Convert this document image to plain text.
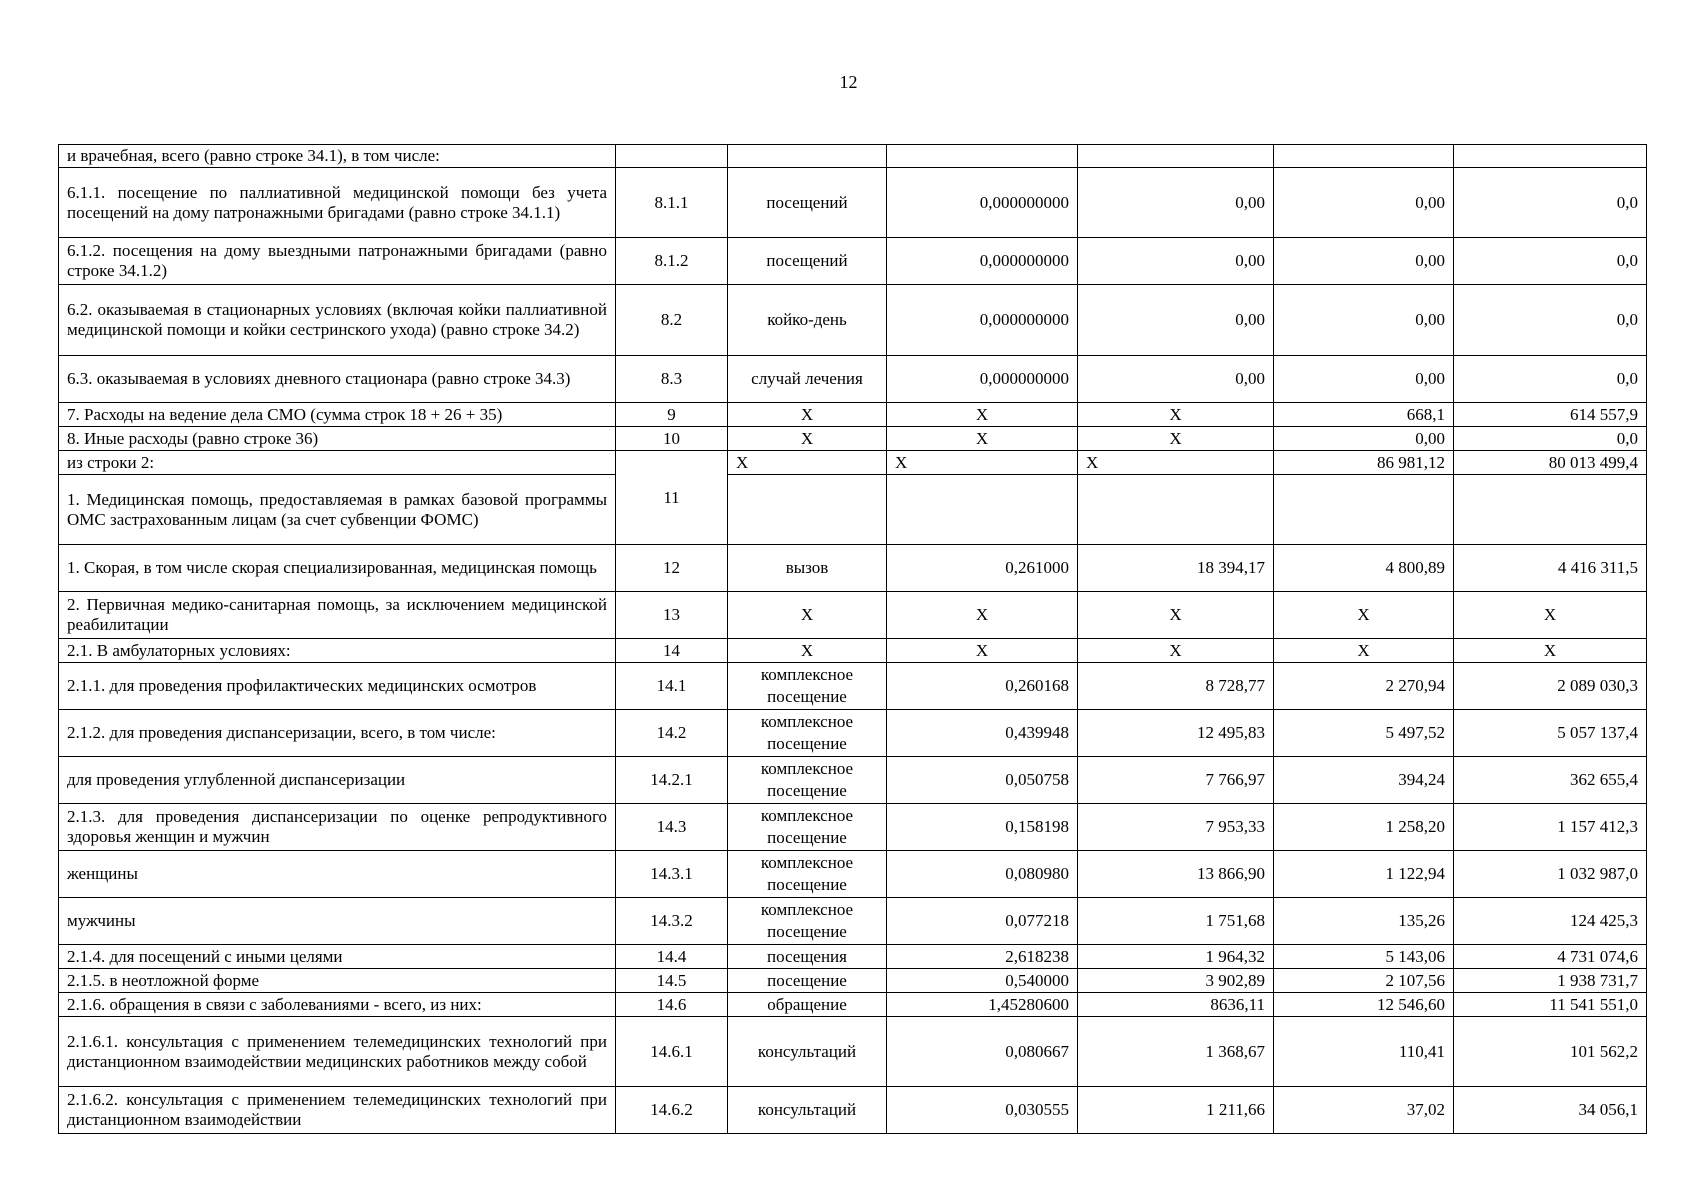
12
и врачебная, всего (равно строке 34.1), в том числе:						
6.1.1. посещение по паллиативной медицинской помощи без учета посещений на дому патронажными бригадами (равно строке 34.1.1)	8.1.1	посещений	0,000000000	0,00	0,00	0,0
6.1.2. посещения на дому выездными патронажными бригадами (равно строке 34.1.2)	8.1.2	посещений	0,000000000	0,00	0,00	0,0
6.2. оказываемая в стационарных условиях (включая койки паллиативной медицинской помощи и койки сестринского ухода) (равно строке 34.2)	8.2	койко-день	0,000000000	0,00	0,00	0,0
6.3. оказываемая в условиях дневного стационара (равно строке 34.3)	8.3	случай лечения	0,000000000	0,00	0,00	0,0
7. Расходы на ведение дела СМО (сумма строк 18 + 26 + 35)	9	Х	Х	Х	668,1	614 557,9
8. Иные расходы (равно строке 36)	10	Х	Х	Х	0,00	0,0
из строки 2:	11	Х	Х	Х	86 981,12	80 013 499,4
1. Медицинская помощь, предоставляемая в рамках базовой программы ОМС застрахованным лицам (за счет субвенции ФОМС)						
1. Скорая, в том числе скорая специализированная, медицинская помощь	12	вызов	0,261000	18 394,17	4 800,89	4 416 311,5
2. Первичная медико-санитарная помощь, за исключением медицинской реабилитации	13	Х	Х	Х	Х	Х
2.1. В амбулаторных условиях:	14	Х	Х	Х	Х	Х
2.1.1. для проведения профилактических медицинских осмотров	14.1	комплексное посещение	0,260168	8 728,77	2 270,94	2 089 030,3
2.1.2. для проведения диспансеризации, всего, в том числе:	14.2	комплексное посещение	0,439948	12 495,83	5 497,52	5 057 137,4
для проведения углубленной диспансеризации	14.2.1	комплексное посещение	0,050758	7 766,97	394,24	362 655,4
2.1.3. для проведения диспансеризации по оценке репродуктивного здоровья женщин и мужчин	14.3	комплексное посещение	0,158198	7 953,33	1 258,20	1 157 412,3
женщины	14.3.1	комплексное посещение	0,080980	13 866,90	1 122,94	1 032 987,0
мужчины	14.3.2	комплексное посещение	0,077218	1 751,68	135,26	124 425,3
2.1.4. для посещений с иными целями	14.4	посещения	2,618238	1 964,32	5 143,06	4 731 074,6
2.1.5. в неотложной форме	14.5	посещение	0,540000	3 902,89	2 107,56	1 938 731,7
2.1.6. обращения в связи с заболеваниями - всего, из них:	14.6	обращение	1,45280600	8636,11	12 546,60	11 541 551,0
2.1.6.1. консультация с применением телемедицинских технологий при дистанционном взаимодействии медицинских работников между собой	14.6.1	консультаций	0,080667	1 368,67	110,41	101 562,2
2.1.6.2. консультация с применением телемедицинских технологий при дистанционном взаимодействии	14.6.2	консультаций	0,030555	1 211,66	37,02	34 056,1
